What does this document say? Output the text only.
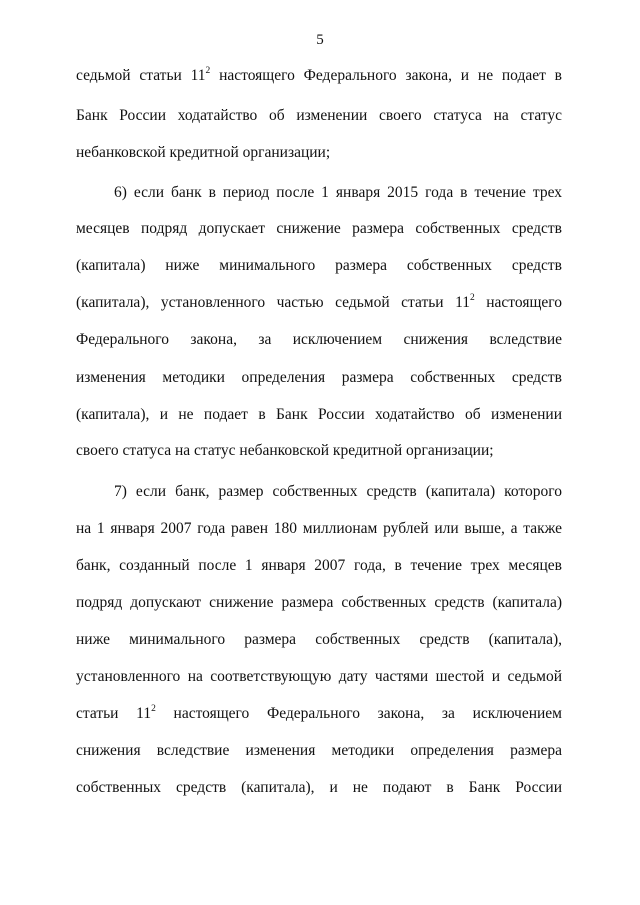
5
седьмой статьи $11^2$ настоящего Федерального закона, и не подает в
Банк России ходатайство об изменении своего статуса на статус
небанковской кредитной организации;
6) если банк в период после 1 января 2015 года в течение трех
месяцев подряд допускает снижение размера собственных средств
(капитала) ниже минимального размера собственных средств
(капитала), установленного частью седьмой статьи $11^2$ настоящего
Федерального закона, за исключением снижения вследствие
изменения методики определения размера собственных средств
(капитала), и не подает в Банк России ходатайство об изменении
своего статуса на статус небанковской кредитной организации;
7) если банк, размер собственных средств (капитала) которого
на 1 января 2007 года равен 180 миллионам рублей или выше, а также
банк, созданный после 1 января 2007 года, в течение трех месяцев
подряд допускают снижение размера собственных средств (капитала)
ниже минимального размера собственных средств (капитала),
установленного на соответствующую дату частями шестой и седьмой
статьи $11^2$ настоящего Федерального закона, за исключением
снижения вследствие изменения методики определения размера
собственных средств (капитала), и не подают в Банк России
